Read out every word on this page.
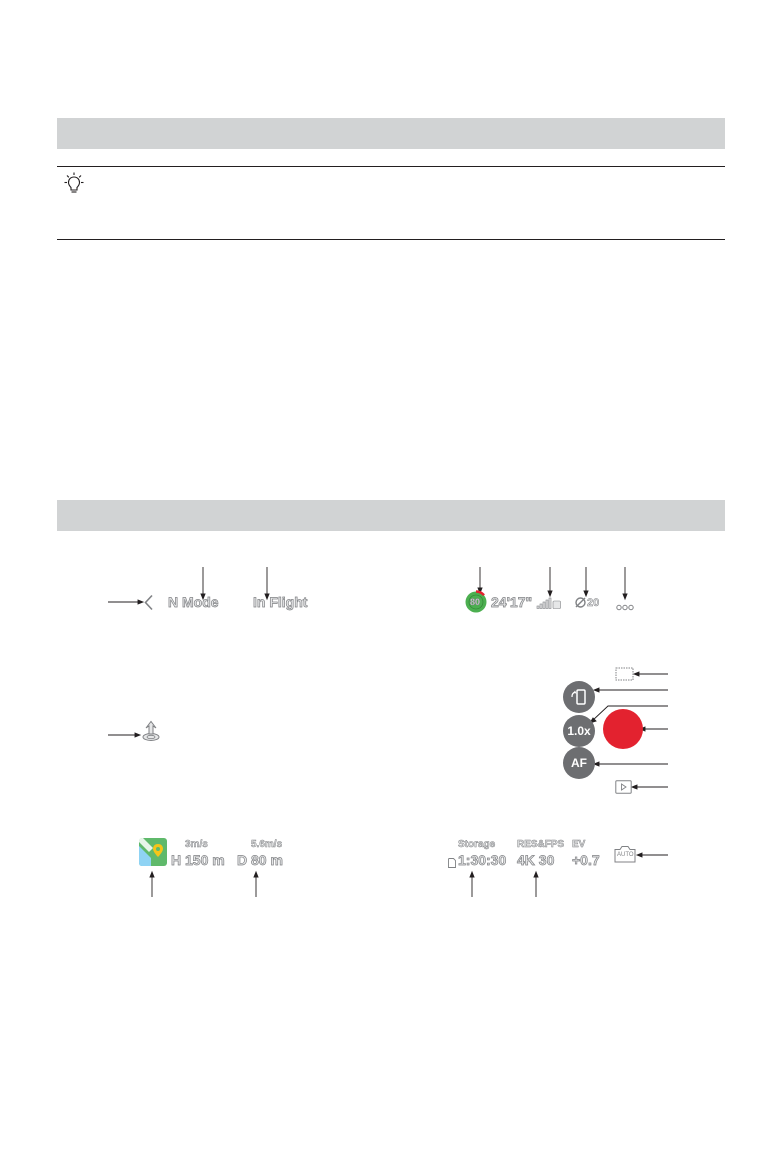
N Mode In Flight	80 24'17"	20
1.0x
AF
3m/s
H 150 m
5.6m/s
D 80 m
Storage
1:30:30
RES&FPS
4K 30
EV
+0.7	AUTO
